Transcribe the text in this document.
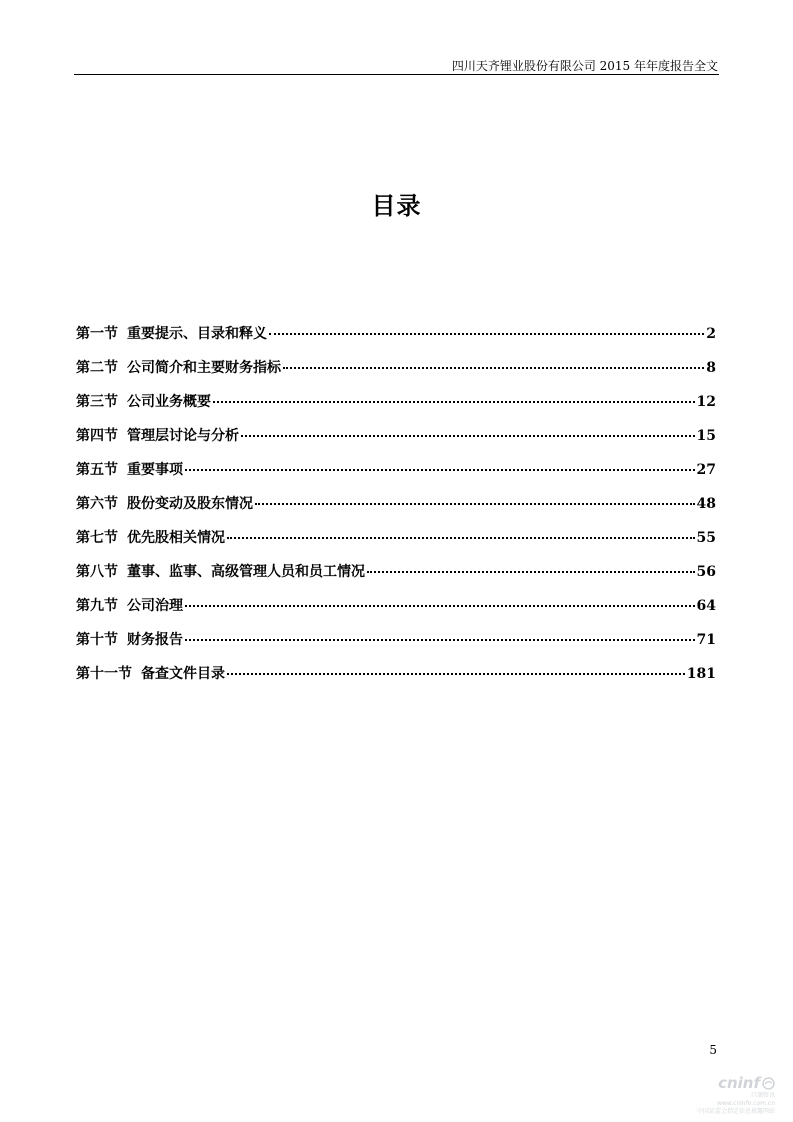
四川天齐锂业股份有限公司 2015 年年度报告全文
目录
第一节 重要提示、目录和释义	2
第二节 公司简介和主要财务指标	8
第三节 公司业务概要	12
第四节 管理层讨论与分析	15
第五节 重要事项	27
第六节 股份变动及股东情况	48
第七节 优先股相关情况	55
第八节 董事、监事、高级管理人员和员工情况	56
第九节 公司治理	64
第十节 财务报告	71
第十一节 备查文件目录	181
5
cninf
巨潮资讯
www.cninfo.com.cn
中国证监会指定信息披露网站
